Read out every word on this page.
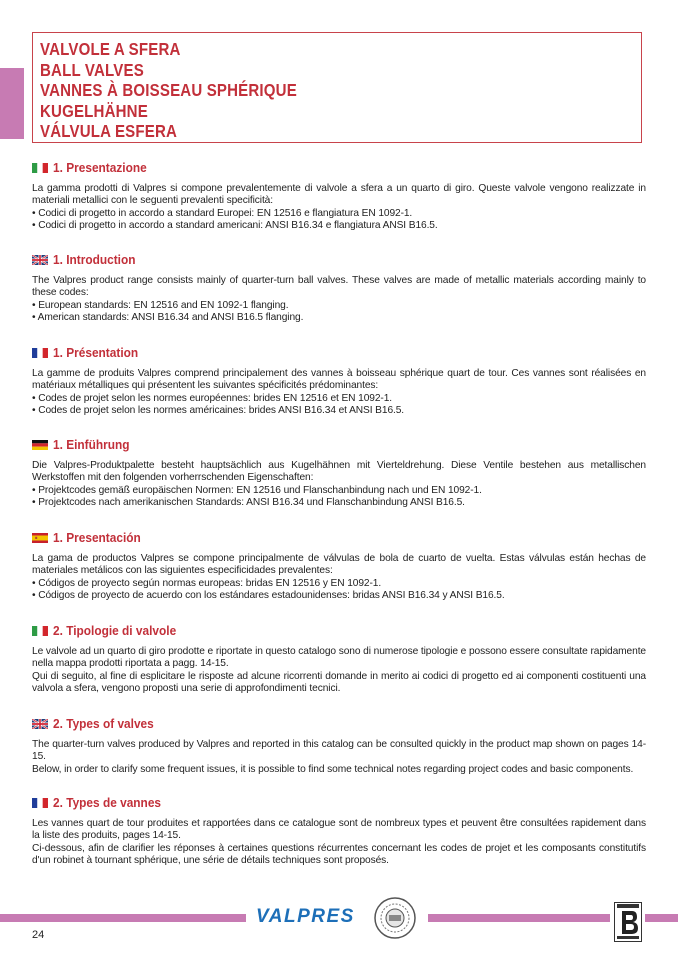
VALVOLE A SFERA
BALL VALVES
VANNES À BOISSEAU SPHÉRIQUE
KUGELHÄHNE
VÁLVULA ESFERA
1. Presentazione

La gamma prodotti di Valpres si compone prevalentemente di valvole a sfera a un quarto di giro. Queste valvole vengono realizzate in materiali metallici con le seguenti prevalenti specificità:

• Codici di progetto in accordo a standard Europei: EN 12516 e flangiatura EN 1092-1.

• Codici di progetto in accordo a standard americani: ANSI B16.34 e flangiatura ANSI B16.5.

1. Introduction

The Valpres product range consists mainly of quarter-turn ball valves. These valves are made of metallic materials according mainly to these codes:

• European standards: EN 12516 and EN 1092-1 flanging.

• American standards: ANSI B16.34 and ANSI B16.5 flanging.

1. Présentation

La gamme de produits Valpres comprend principalement des vannes à boisseau sphérique quart de tour. Ces vannes sont réalisées en matériaux métalliques qui présentent les suivantes spécificités prédominantes:

• Codes de projet selon les normes européennes: brides EN 12516 et EN 1092-1.

• Codes de projet selon les normes américaines: brides ANSI B16.34 et ANSI B16.5.

1. Einführung

Die Valpres-Produktpalette besteht hauptsächlich aus Kugelhähnen mit Vierteldrehung. Diese Ventile bestehen aus metallischen Werkstoffen mit den folgenden vorherrschenden Eigenschaften:

• Projektcodes gemäß europäischen Normen: EN 12516 und Flanschanbindung nach und EN 1092-1.

• Projektcodes nach amerikanischen Standards: ANSI B16.34 und Flanschanbindung ANSI B16.5.

1. Presentación

La gama de productos Valpres se compone principalmente de válvulas de bola de cuarto de vuelta. Estas válvulas están hechas de materiales metálicos con las siguientes especificidades prevalentes:

• Códigos de proyecto según normas europeas: bridas EN 12516 y EN 1092-1.

• Códigos de proyecto de acuerdo con los estándares estadounidenses: bridas ANSI B16.34 y ANSI B16.5.

2. Tipologie di valvole

Le valvole ad un quarto di giro prodotte e riportate in questo catalogo sono di numerose tipologie e possono essere consultate rapidamente nella mappa prodotti riportata a pagg. 14-15.

Qui di seguito, al fine di esplicitare le risposte ad alcune ricorrenti domande in merito ai codici di progetto ed ai componenti costituenti una valvola a sfera, vengono proposti una serie di approfondimenti tecnici.

2. Types of valves

The quarter-turn valves produced by Valpres and reported in this catalog can be consulted quickly in the product map shown on pages 14-15.

Below, in order to clarify some frequent issues, it is possible to find some technical notes regarding project codes and basic components.

2. Types de vannes

Les vannes quart de tour produites et rapportées dans ce catalogue sont de nombreux types et peuvent être consultées rapidement dans la liste des produits, pages 14-15.

Ci-dessous, afin de clarifier les réponses à certaines questions récurrentes concernant les codes de projet et les composants constitutifs d'un robinet à tournant sphérique, une série de détails techniques sont proposés.

VALPRES
24
